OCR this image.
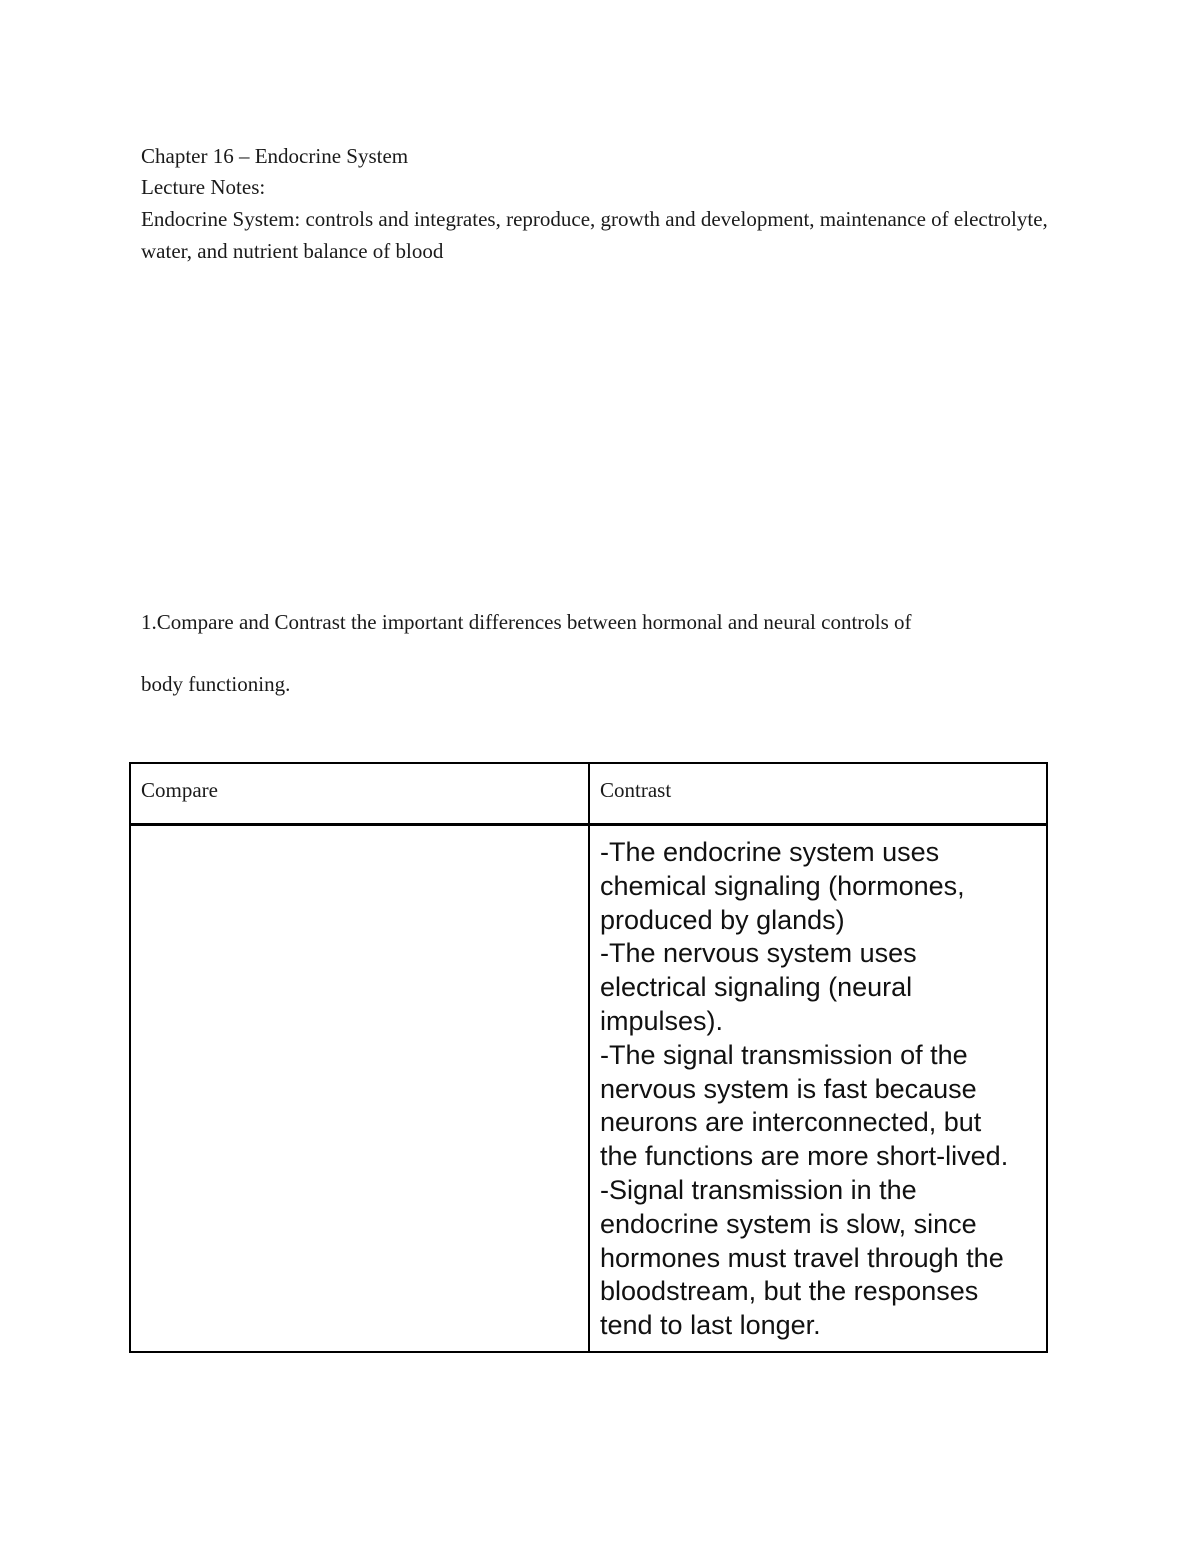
Chapter 16 – Endocrine System
Lecture Notes:
Endocrine System: controls and integrates, reproduce, growth and development, maintenance of electrolyte, water, and nutrient balance of blood
1.Compare and Contrast the important differences between hormonal and neural controls of
body functioning.
Compare	Contrast

	-The endocrine system uses chemical signaling (hormones, produced by glands)
-The nervous system uses electrical signaling (neural impulses).
-The signal transmission of the nervous system is fast because neurons are interconnected, but the functions are more short-lived.
-Signal transmission in the endocrine system is slow, since hormones must travel through the bloodstream, but the responses tend to last longer.
